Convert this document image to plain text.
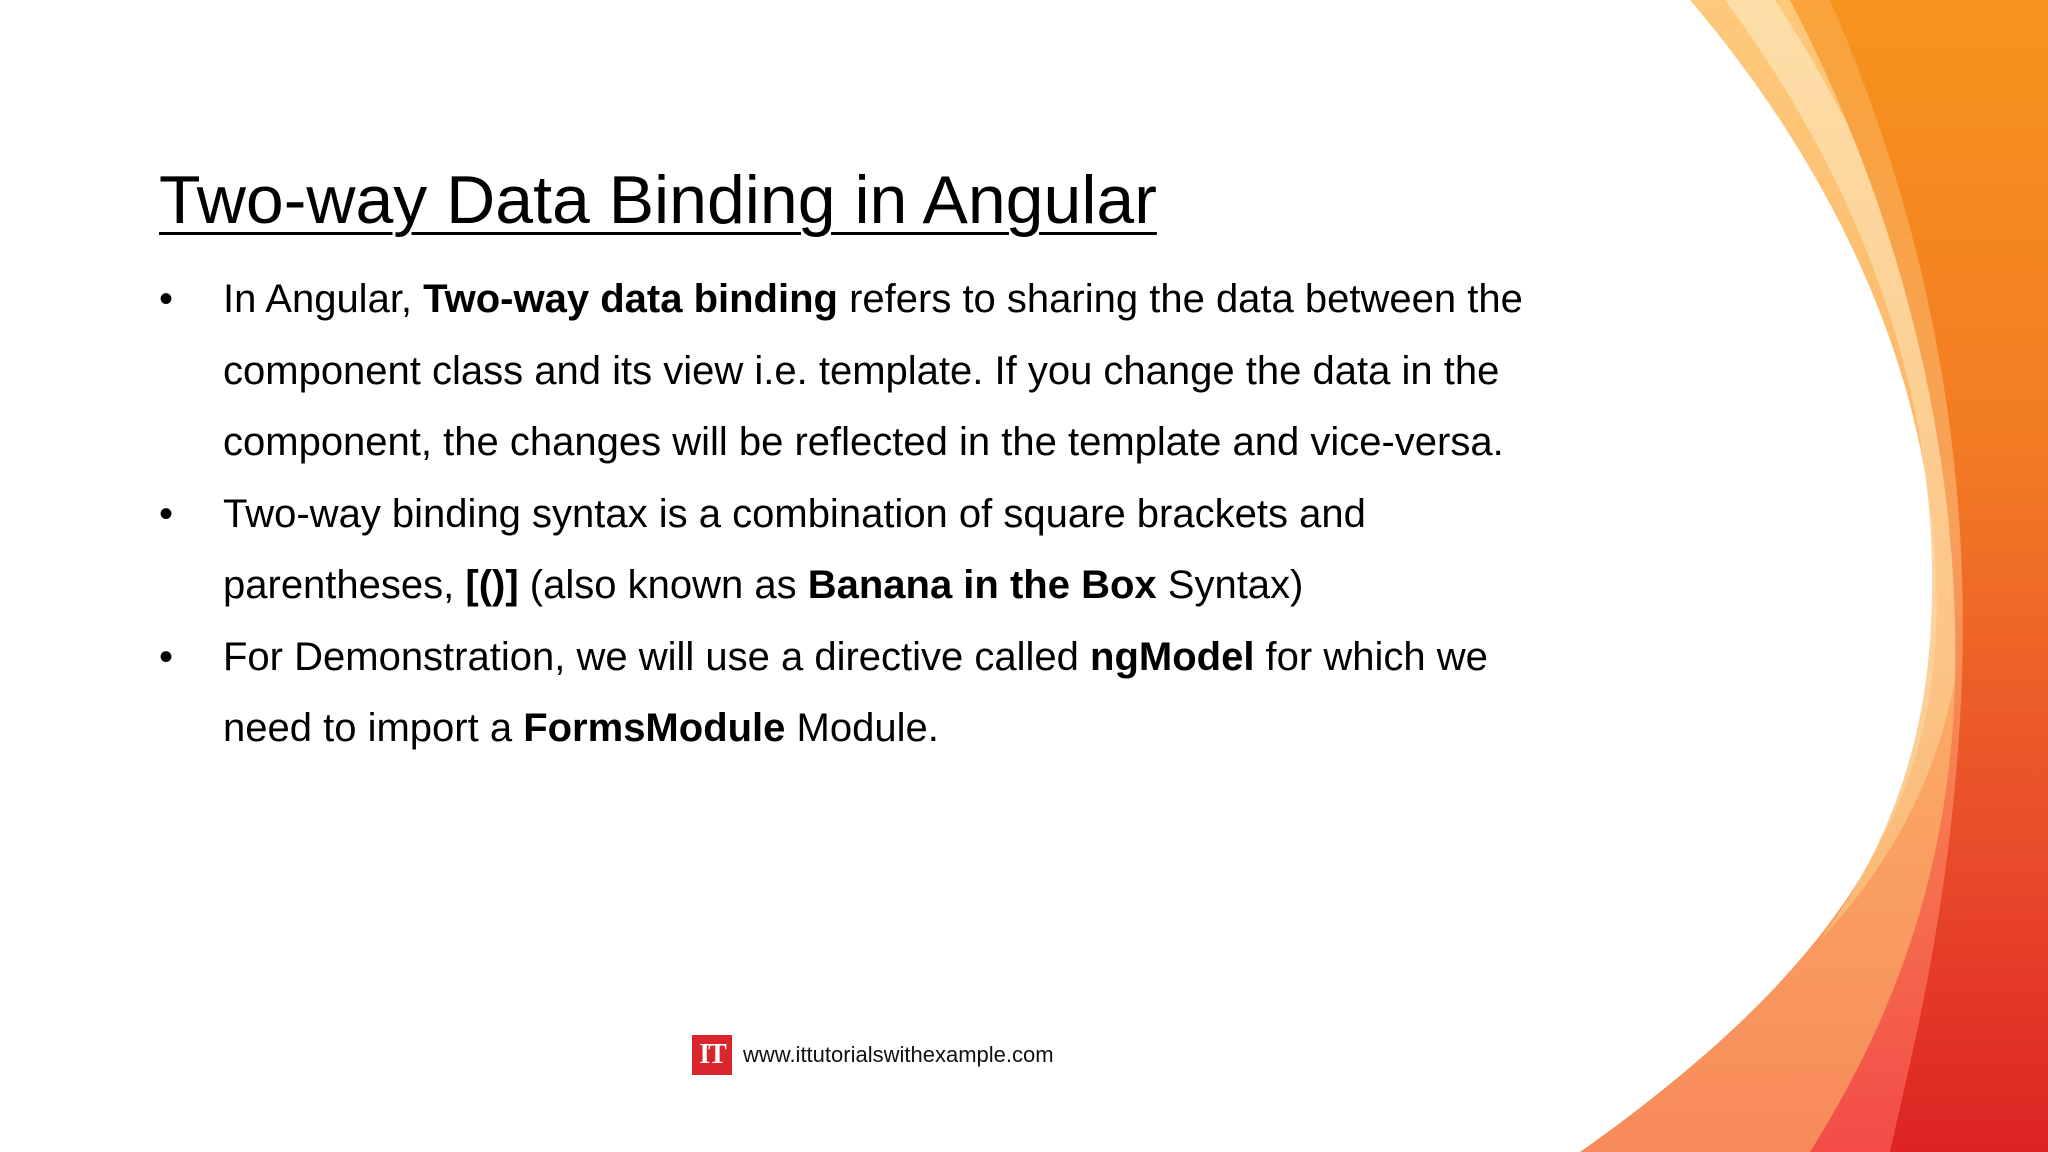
Two-way Data Binding in Angular
•	In Angular, Two-way data binding refers to sharing the data between the
component class and its view i.e. template. If you change the data in the
component, the changes will be reflected in the template and vice-versa.
•	Two-way binding syntax is a combination of square brackets and
parentheses, [()] (also known as Banana in the Box Syntax)
•	For Demonstration, we will use a directive called ngModel for which we
need to import a FormsModule Module.
IT www.ittutorialswithexample.com
